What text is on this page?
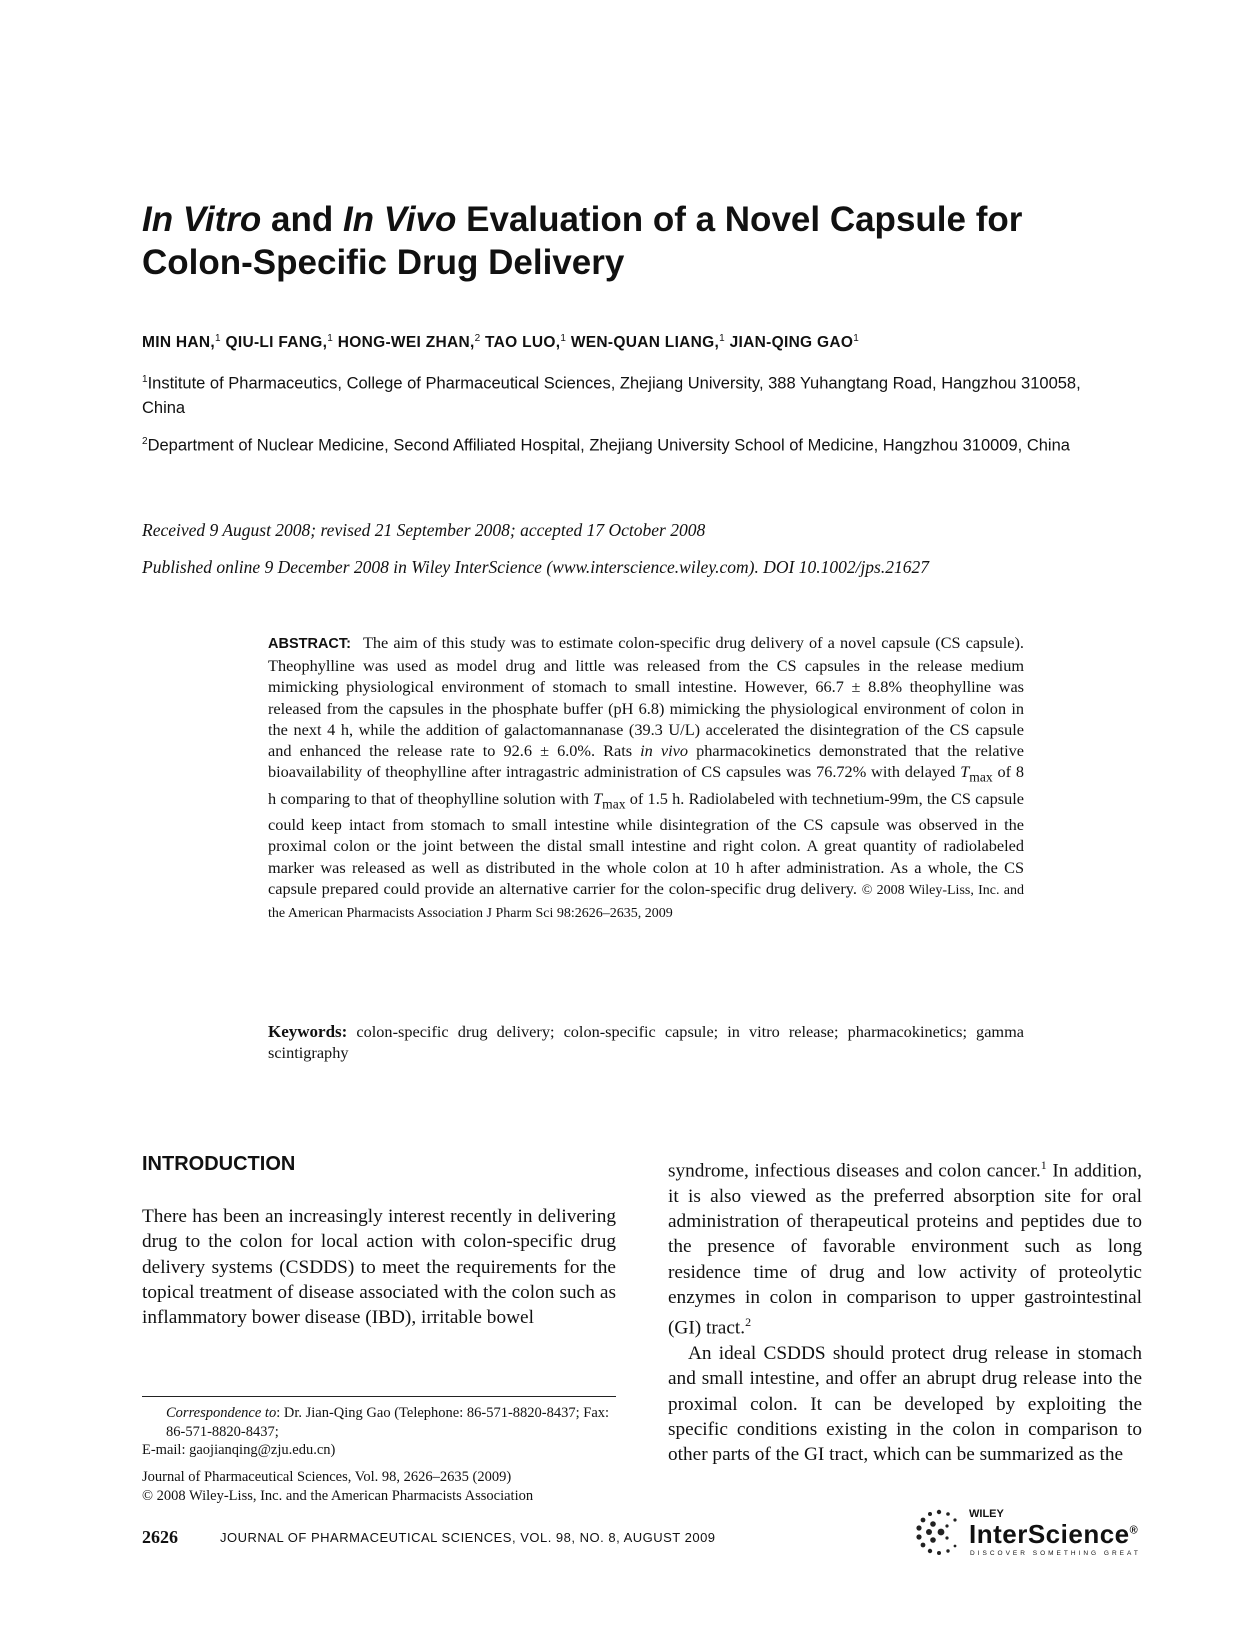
In Vitro and In Vivo Evaluation of a Novel Capsule for
Colon-Specific Drug Delivery
MIN HAN,$^1$ QIU-LI FANG,$^1$ HONG-WEI ZHAN,$^2$ TAO LUO,$^1$ WEN-QUAN LIANG,$^1$ JIAN-QING GAO$^1$
$^1$Institute of Pharmaceutics, College of Pharmaceutical Sciences, Zhejiang University, 388 Yuhangtang Road, Hangzhou 310058, China
$^2$Department of Nuclear Medicine, Second Affiliated Hospital, Zhejiang University School of Medicine, Hangzhou 310009, China
Received 9 August 2008; revised 21 September 2008; accepted 17 October 2008
Published online 9 December 2008 in Wiley InterScience (www.interscience.wiley.com). DOI 10.1002/jps.21627
ABSTRACT: The aim of this study was to estimate colon-specific drug delivery of a novel capsule (CS capsule). Theophylline was used as model drug and little was released from the CS capsules in the release medium mimicking physiological environment of stomach to small intestine. However, 66.7 ± 8.8% theophylline was released from the capsules in the phosphate buffer (pH 6.8) mimicking the physiological environment of colon in the next 4 h, while the addition of galactomannanase (39.3 U/L) accelerated the disintegration of the CS capsule and enhanced the release rate to 92.6 ± 6.0%. Rats in vivo pharmacokinetics demonstrated that the relative bioavailability of theophylline after intragastric administration of CS capsules was 76.72% with delayed $T_{max}$ of 8 h comparing to that of theophylline solution with $T_{max}$ of 1.5 h. Radiolabeled with technetium-99m, the CS capsule could keep intact from stomach to small intestine while disintegration of the CS capsule was observed in the proximal colon or the joint between the distal small intestine and right colon. A great quantity of radiolabeled marker was released as well as distributed in the whole colon at 10 h after administration. As a whole, the CS capsule prepared could provide an alternative carrier for the colon-specific drug delivery. © 2008 Wiley-Liss, Inc. and the American Pharmacists Association J Pharm Sci 98:2626–2635, 2009
Keywords: colon-specific drug delivery; colon-specific capsule; in vitro release; pharmacokinetics; gamma scintigraphy
INTRODUCTION
There has been an increasingly interest recently in delivering drug to the colon for local action with colon-specific drug delivery systems (CSDDS) to meet the requirements for the topical treatment of disease associated with the colon such as inflammatory bower disease (IBD), irritable bowel

syndrome, infectious diseases and colon cancer.$^1$ In addition, it is also viewed as the preferred absorption site for oral administration of therapeutical proteins and peptides due to the presence of favorable environment such as long residence time of drug and low activity of proteolytic enzymes in colon in comparison to upper gastrointestinal (GI) tract.$^2$

An ideal CSDDS should protect drug release in stomach and small intestine, and offer an abrupt drug release into the proximal colon. It can be developed by exploiting the specific conditions existing in the colon in comparison to other parts of the GI tract, which can be summarized as the

Correspondence to: Dr. Jian-Qing Gao (Telephone: 86-571-8820-8437; Fax: 86-571-8820-8437;
E-mail: gaojianqing@zju.edu.cn)
Journal of Pharmaceutical Sciences, Vol. 98, 2626–2635 (2009)
© 2008 Wiley-Liss, Inc. and the American Pharmacists Association
2626	JOURNAL OF PHARMACEUTICAL SCIENCES, VOL. 98, NO. 8, AUGUST 2009
WILEY
InterScience®
DISCOVER SOMETHING GREAT
